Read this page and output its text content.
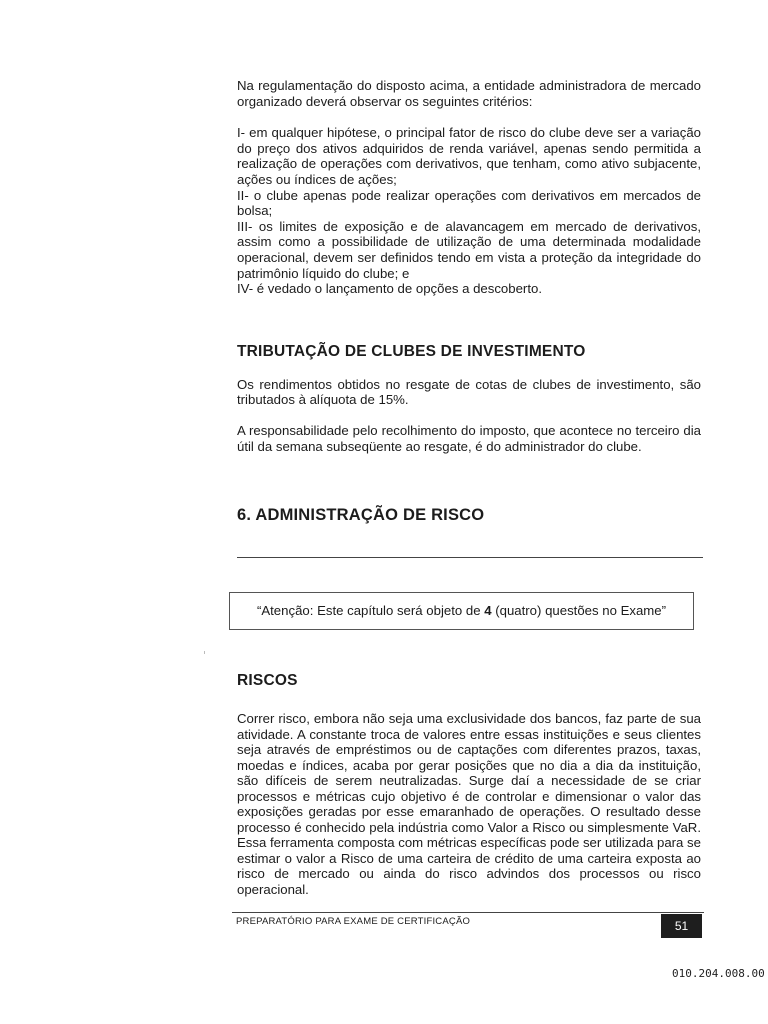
Na regulamentação do disposto acima, a entidade administradora de mercado organizado deverá observar os seguintes critérios:

I- em qualquer hipótese, o principal fator de risco do clube deve ser a variação do preço dos ativos adquiridos de renda variável, apenas sendo permitida a realização de operações com derivativos, que tenham, como ativo subjacente, ações ou índices de ações;

II- o clube apenas pode realizar operações com derivativos em mercados de bolsa;

III- os limites de exposição e de alavancagem em mercado de derivativos, assim como a possibilidade de utilização de uma determinada modalidade operacional, devem ser definidos tendo em vista a proteção da integridade do patrimônio líquido do clube; e

IV- é vedado o lançamento de opções a descoberto.

TRIBUTAÇÃO DE CLUBES DE INVESTIMENTO

Os rendimentos obtidos no resgate de cotas de clubes de investimento, são tributados à alíquota de 15%.

A responsabilidade pelo recolhimento do imposto, que acontece no terceiro dia útil da semana subseqüente ao resgate, é do administrador do clube.

6. ADMINISTRAÇÃO DE RISCO
“Atenção: Este capítulo será objeto de 4 (quatro) questões no Exame”
RISCOS

Correr risco, embora não seja uma exclusividade dos bancos, faz parte de sua atividade. A constante troca de valores entre essas instituições e seus clientes seja através de empréstimos ou de captações com diferentes prazos, taxas, moedas e índices, acaba por gerar posições que no dia a dia da instituição, são difíceis de serem neutralizadas. Surge daí a necessidade de se criar processos e métricas cujo objetivo é de controlar e dimensionar o valor das exposições geradas por esse emaranhado de operações. O resultado desse processo é conhecido pela indústria como Valor a Risco ou simplesmente VaR. Essa ferramenta composta com métricas específicas pode ser utilizada para se estimar o valor a Risco de uma carteira de crédito de uma carteira exposta ao risco de mercado ou ainda do risco advindos dos processos ou risco operacional.

PREPARATÓRIO PARA EXAME DE CERTIFICAÇÃO	51
010.204.008.00
